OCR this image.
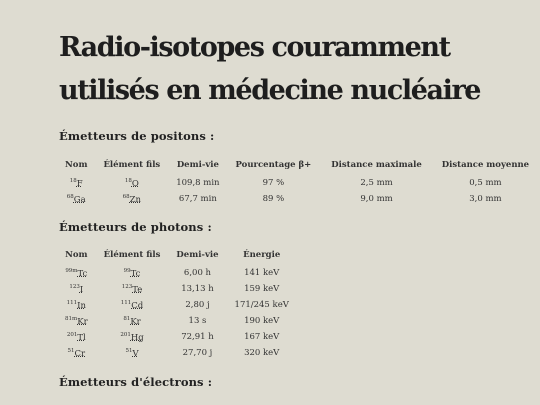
Radio-isotopes couramment utilisés en médecine nucléaire
Émetteurs de positons :
Nom	Élément fils	Demi-vie	Pourcentage β+	Distance maximale	Distance moyenne
$^{18}$F	$^{18}$O	109,8 min	97 %	2,5 mm	0,5 mm
$^{68}$Ga	$^{68}$Zn	67,7 min	89 %	9,0 mm	3,0 mm
Émetteurs de photons :
Nom	Élément fils	Demi-vie	Énergie
$^{99m}$Tc	$^{99}$Tc	6,00 h	141 keV
$^{123}$I	$^{123}$Te	13,13 h	159 keV
$^{111}$In	$^{111}$Cd	2,80 j	171/245 keV
$^{81m}$Kr	$^{81}$Kr	13 s	190 keV
$^{201}$Tl	$^{201}$Hg	72,91 h	167 keV
$^{51}$Cr	$^{51}$V	27,70 j	320 keV
Émetteurs d'électrons :
